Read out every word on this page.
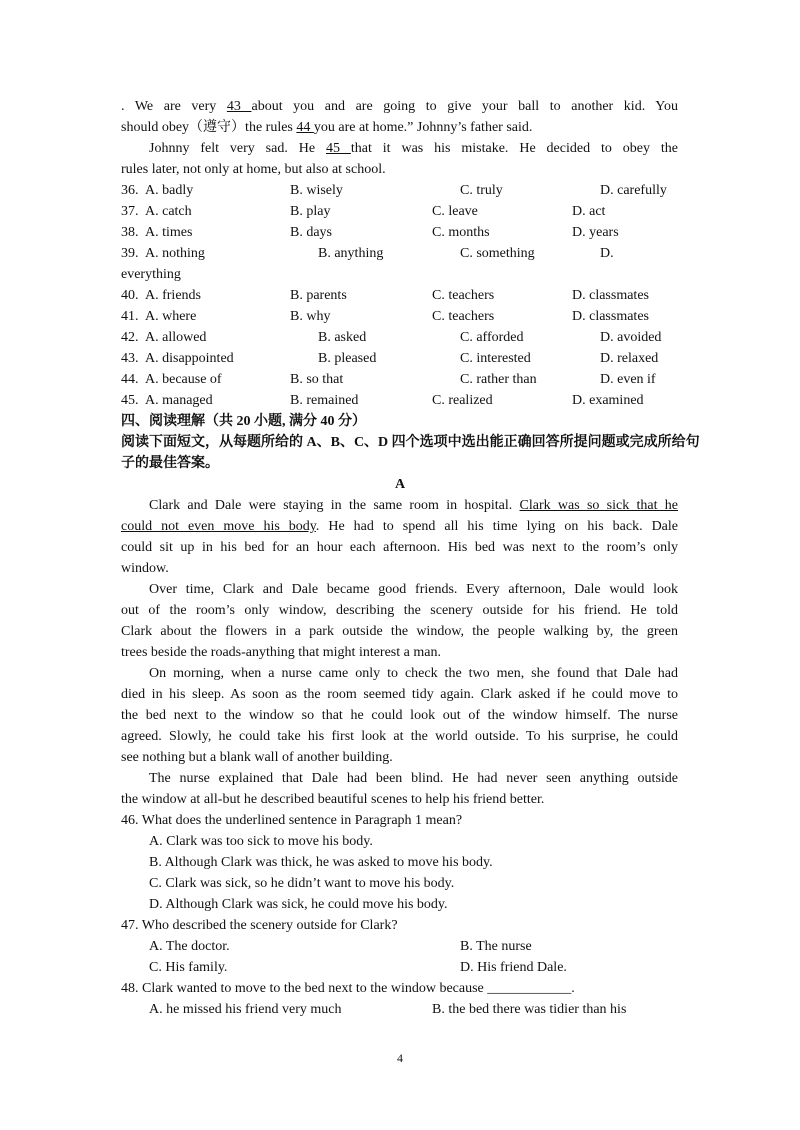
. We are very 43 about you and are going to give your ball to another kid. You
should obey（遵守）the rules 44 you are at home.” Johnny’s father said.
Johnny felt very sad. He 45 that it was his mistake. He decided to obey the
rules later, not only at home, but also at school.
36. A. badly	B. wisely	C. truly	D. carefully
37. A. catch	B. play	C. leave	D. act
38. A. times	B. days	C. months	D. years
39. A. nothing	B. anything	C. something	D.
everything
40. A. friends	B. parents	C. teachers	D. classmates
41. A. where	B. why	C. teachers	D. classmates
42. A. allowed	B. asked	C. afforded	D. avoided
43. A. disappointed	B. pleased	C. interested	D. relaxed
44. A. because of	B. so that	C. rather than	D. even if
45. A. managed	B. remained	C. realized	D. examined
四、阅读理解（共 20 小题, 满分 40 分）
阅读下面短文，从每题所给的 A、B、C、D 四个选项中选出能正确回答所提问题或完成所给句
子的最佳答案。
A
Clark and Dale were staying in the same room in hospital. Clark was so sick that he
could not even move his body. He had to spend all his time lying on his back. Dale
could sit up in his bed for an hour each afternoon. His bed was next to the room’s only
window.
Over time, Clark and Dale became good friends. Every afternoon, Dale would look
out of the room’s only window, describing the scenery outside for his friend. He told
Clark about the flowers in a park outside the window, the people walking by, the green
trees beside the roads-anything that might interest a man.
On morning, when a nurse came only to check the two men, she found that Dale had
died in his sleep. As soon as the room seemed tidy again. Clark asked if he could move to
the bed next to the window so that he could look out of the window himself. The nurse
agreed. Slowly, he could take his first look at the world outside. To his surprise, he could
see nothing but a blank wall of another building.
The nurse explained that Dale had been blind. He had never seen anything outside
the window at all-but he described beautiful scenes to help his friend better.
46. What does the underlined sentence in Paragraph 1 mean?
A. Clark was too sick to move his body.
B. Although Clark was thick, he was asked to move his body.
C. Clark was sick, so he didn’t want to move his body.
D. Although Clark was sick, he could move his body.
47. Who described the scenery outside for Clark?
A. The doctor.	B. The nurse
C. His family.	D. His friend Dale.
48. Clark wanted to move to the bed next to the window because ____________.
A. he missed his friend very much	B. the bed there was tidier than his
4
